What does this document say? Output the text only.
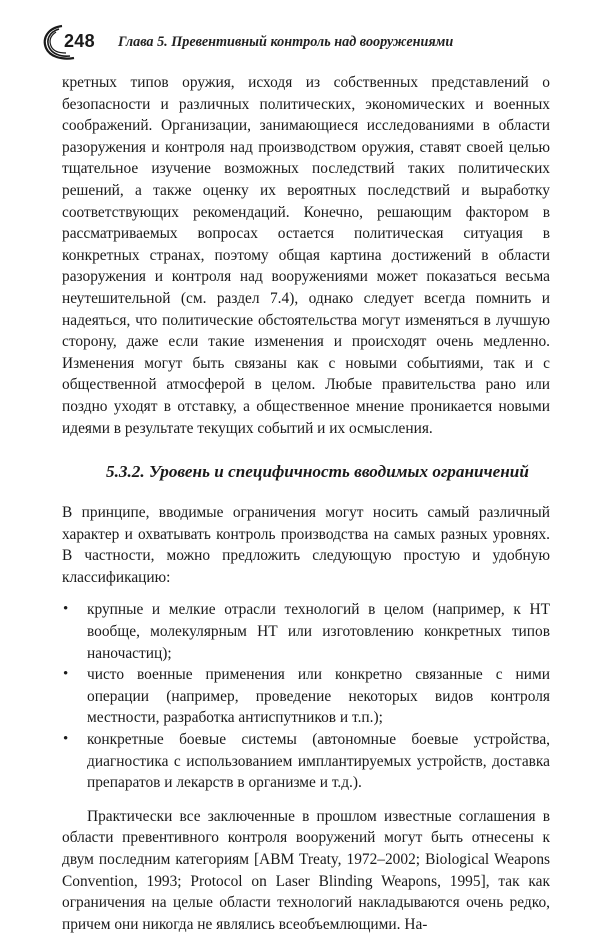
248 Глава 5. Превентивный контроль над вооружениями

кретных типов оружия, исходя из собственных представлений о безопасности и различных политических, экономических и военных соображений. Организации, занимающиеся исследованиями в области разоружения и контроля над производством оружия, ставят своей целью тщательное изучение возможных последствий таких политических решений, а также оценку их вероятных последствий и выработку соответствующих рекомендаций. Конечно, решающим фактором в рассматриваемых вопросах остается политическая ситуация в конкретных странах, поэтому общая картина достижений в области разоружения и контроля над вооружениями может показаться весьма неутешительной (см. раздел 7.4), однако следует всегда помнить и надеяться, что политические обстоятельства могут изменяться в лучшую сторону, даже если такие изменения и происходят очень медленно. Изменения могут быть связаны как с новыми событиями, так и с общественной атмосферой в целом. Любые правительства рано или поздно уходят в отставку, а общественное мнение проникается новыми идеями в результате текущих событий и их осмысления.

5.3.2. Уровень и специфичность вводимых ограничений

В принципе, вводимые ограничения могут носить самый различный характер и охватывать контроль производства на самых разных уровнях. В частности, можно предложить следующую простую и удобную классификацию:

• крупные и мелкие отрасли технологий в целом (например, к НТ вообще, молекулярным НТ или изготовлению конкретных типов наночастиц);
• чисто военные применения или конкретно связанные с ними операции (например, проведение некоторых видов контроля местности, разработка антиспутников и т.п.);
• конкретные боевые системы (автономные боевые устройства, диагностика с использованием имплантируемых устройств, доставка препаратов и лекарств в организме и т.д.).

Практически все заключенные в прошлом известные соглашения в области превентивного контроля вооружений могут быть отнесены к двум последним категориям [ABM Treaty, 1972–2002; Biological Weapons Convention, 1993; Protocol on Laser Blinding Weapons, 1995], так как ограничения на целые области технологий накладываются очень редко, причем они никогда не являлись всеобъемлющими. На-
